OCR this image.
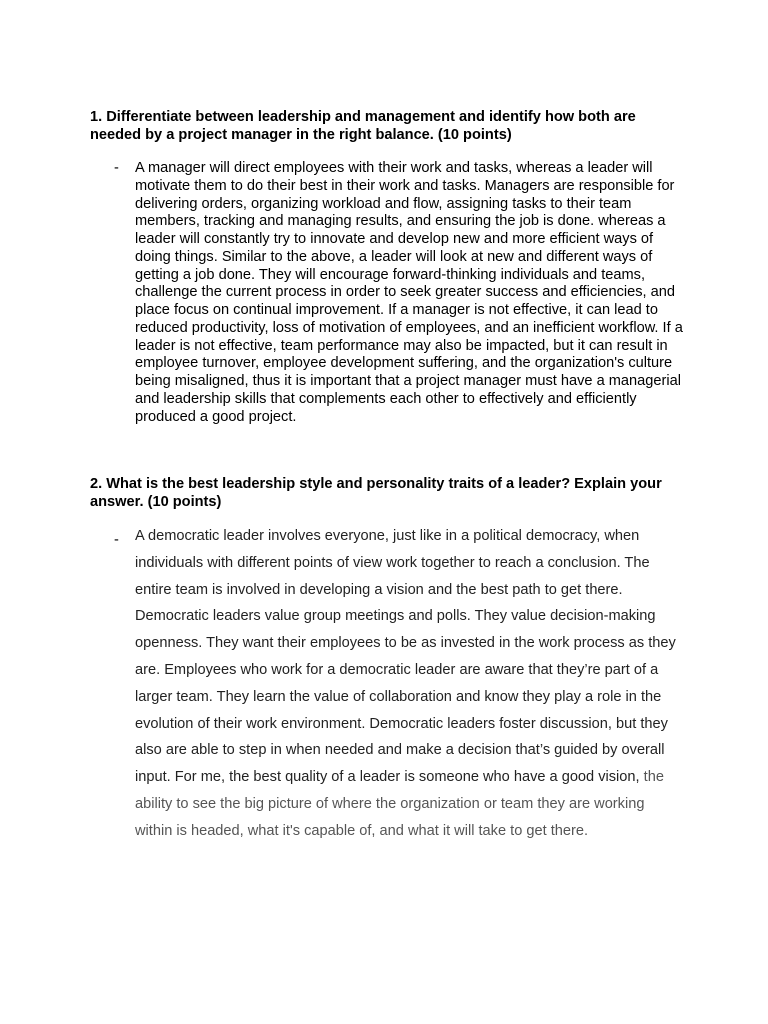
1. Differentiate between leadership and management and identify how both are needed by a project manager in the right balance. (10 points)

- A manager will direct employees with their work and tasks, whereas a leader will motivate them to do their best in their work and tasks. Managers are responsible for delivering orders, organizing workload and flow, assigning tasks to their team members, tracking and managing results, and ensuring the job is done. whereas a leader will constantly try to innovate and develop new and more efficient ways of doing things. Similar to the above, a leader will look at new and different ways of getting a job done. They will encourage forward-thinking individuals and teams, challenge the current process in order to seek greater success and efficiencies, and place focus on continual improvement. If a manager is not effective, it can lead to reduced productivity, loss of motivation of employees, and an inefficient workflow. If a leader is not effective, team performance may also be impacted, but it can result in employee turnover, employee development suffering, and the organization's culture being misaligned, thus it is important that a project manager must have a managerial and leadership skills that complements each other to effectively and efficiently produced a good project.

2. What is the best leadership style and personality traits of a leader? Explain your answer. (10 points)

- A democratic leader involves everyone, just like in a political democracy, when individuals with different points of view work together to reach a conclusion. The entire team is involved in developing a vision and the best path to get there. Democratic leaders value group meetings and polls. They value decision-making openness. They want their employees to be as invested in the work process as they are. Employees who work for a democratic leader are aware that they’re part of a larger team. They learn the value of collaboration and know they play a role in the evolution of their work environment. Democratic leaders foster discussion, but they also are able to step in when needed and make a decision that’s guided by overall input. For me, the best quality of a leader is someone who have a good vision, the ability to see the big picture of where the organization or team they are working within is headed, what it's capable of, and what it will take to get there.
